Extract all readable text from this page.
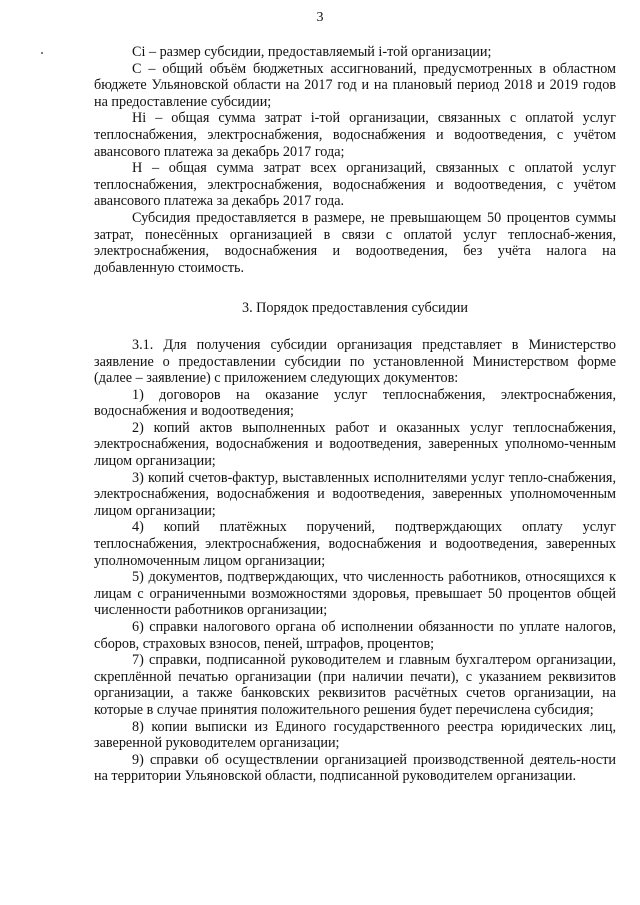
3

Ci – размер субсидии, предоставляемый i-той организации;

C – общий объём бюджетных ассигнований, предусмотренных в областном бюджете Ульяновской области на 2017 год и на плановый период 2018 и 2019 годов на предоставление субсидии;

Hi – общая сумма затрат i-той организации, связанных с оплатой услуг теплоснабжения, электроснабжения, водоснабжения и водоотведения, с учётом авансового платежа за декабрь 2017 года;

H – общая сумма затрат всех организаций, связанных с оплатой услуг теплоснабжения, электроснабжения, водоснабжения и водоотведения, с учётом авансового платежа за декабрь 2017 года.

Субсидия предоставляется в размере, не превышающем 50 процентов суммы затрат, понесённых организацией в связи с оплатой услуг теплоснаб-жения, электроснабжения, водоснабжения и водоотведения, без учёта налога на добавленную стоимость.

3. Порядок предоставления субсидии

3.1. Для получения субсидии организация представляет в Министерство заявление о предоставлении субсидии по установленной Министерством форме (далее – заявление) с приложением следующих документов:

1) договоров на оказание услуг теплоснабжения, электроснабжения, водоснабжения и водоотведения;

2) копий актов выполненных работ и оказанных услуг теплоснабжения, электроснабжения, водоснабжения и водоотведения, заверенных уполномо-ченным лицом организации;

3) копий счетов-фактур, выставленных исполнителями услуг тепло-снабжения, электроснабжения, водоснабжения и водоотведения, заверенных уполномоченным лицом организации;

4) копий платёжных поручений, подтверждающих оплату услуг теплоснабжения, электроснабжения, водоснабжения и водоотведения, заверенных уполномоченным лицом организации;

5) документов, подтверждающих, что численность работников, относящихся к лицам с ограниченными возможностями здоровья, превышает 50 процентов общей численности работников организации;

6) справки налогового органа об исполнении обязанности по уплате налогов, сборов, страховых взносов, пеней, штрафов, процентов;

7) справки, подписанной руководителем и главным бухгалтером организации, скреплённой печатью организации (при наличии печати), с указанием реквизитов организации, а также банковских реквизитов расчётных счетов организации, на которые в случае принятия положительного решения будет перечислена субсидия;

8) копии выписки из Единого государственного реестра юридических лиц, заверенной руководителем организации;

9) справки об осуществлении организацией производственной деятель-ности на территории Ульяновской области, подписанной руководителем организации.
